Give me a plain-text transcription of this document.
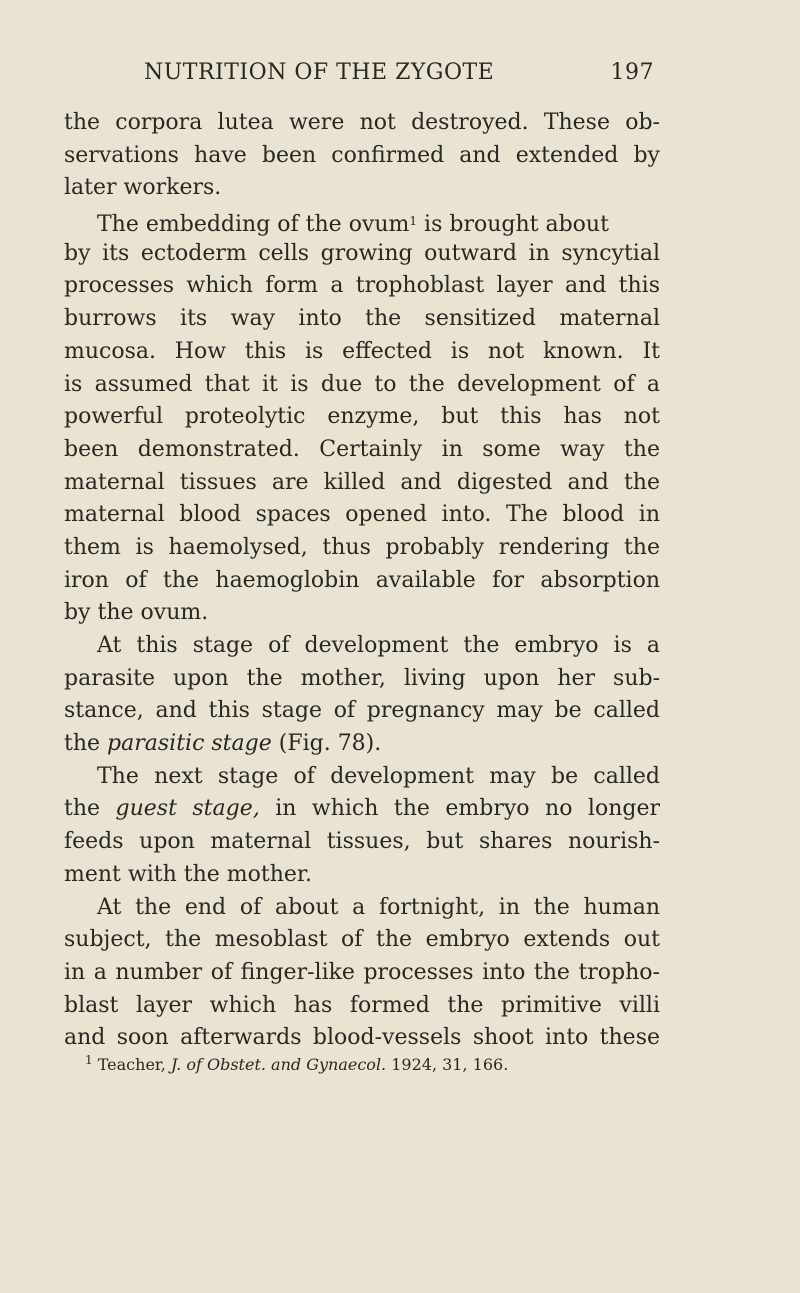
NUTRITION OF THE ZYGOTE	197
the corpora lutea were not destroyed. These ob-
servations have been confirmed and extended by
later workers.
The embedding of the ovum$^1$ is brought about
by its ectoderm cells growing outward in syncytial
processes which form a trophoblast layer and this
burrows its way into the sensitized maternal
mucosa. How this is effected is not known. It
is assumed that it is due to the development of a
powerful proteolytic enzyme, but this has not
been demonstrated. Certainly in some way the
maternal tissues are killed and digested and the
maternal blood spaces opened into. The blood in
them is haemolysed, thus probably rendering the
iron of the haemoglobin available for absorption
by the ovum.
At this stage of development the embryo is a
parasite upon the mother, living upon her sub-
stance, and this stage of pregnancy may be called
the parasitic stage (Fig. 78).
The next stage of development may be called
the guest stage, in which the embryo no longer
feeds upon maternal tissues, but shares nourish-
ment with the mother.
At the end of about a fortnight, in the human
subject, the mesoblast of the embryo extends out
in a number of finger-like processes into the tropho-
blast layer which has formed the primitive villi
and soon afterwards blood-vessels shoot into these
$^1$ Teacher, J. of Obstet. and Gynaecol. 1924, 31, 166.
